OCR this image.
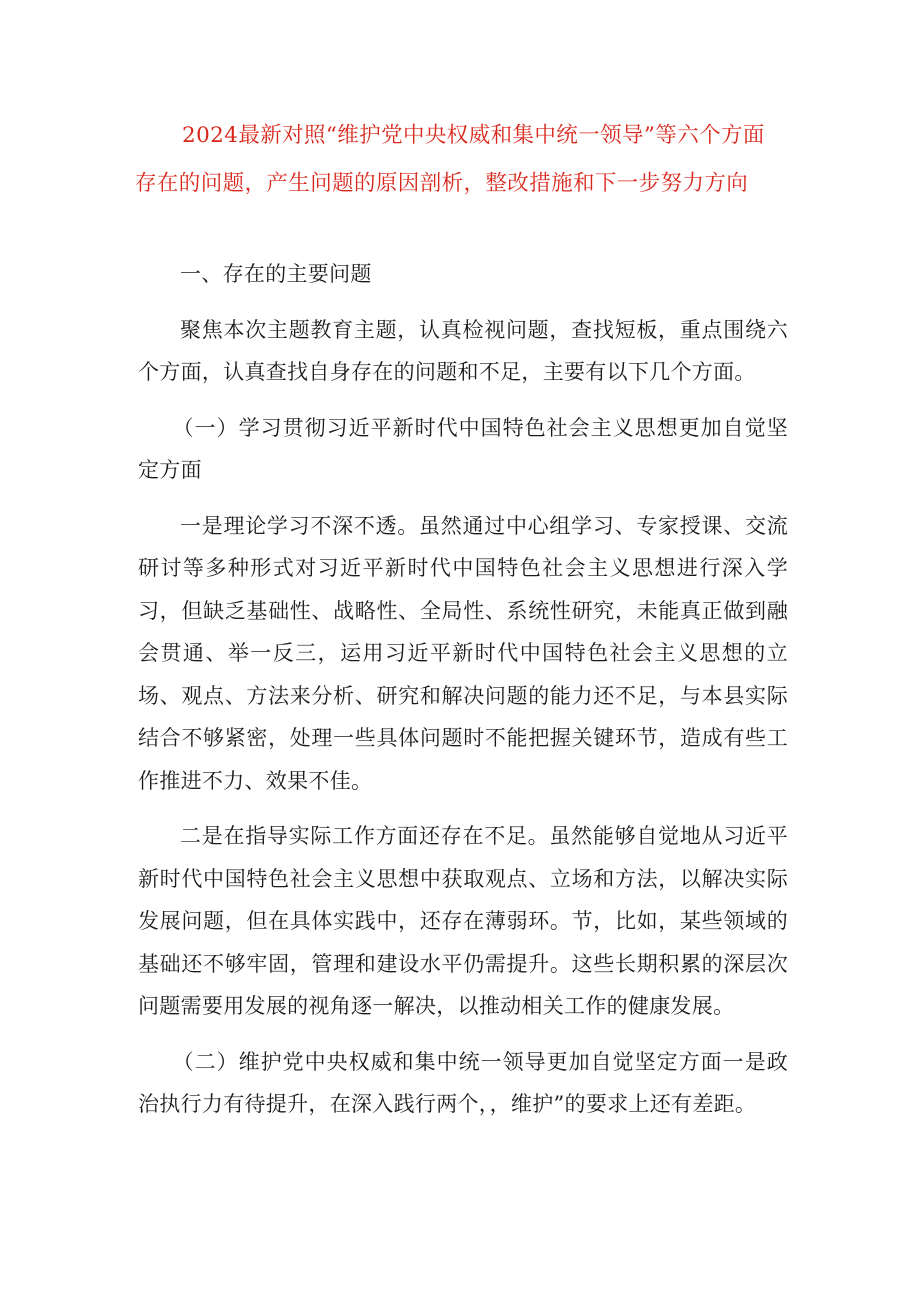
2024最新对照“维护党中央权威和集中统一领导”等六个方面
存在的问题，产生问题的原因剖析，整改措施和下一步努力方向

一、存在的主要问题

聚焦本次主题教育主题，认真检视问题，查找短板，重点围绕六个方面，认真查找自身存在的问题和不足，主要有以下几个方面。

（一）学习贯彻习近平新时代中国特色社会主义思想更加自觉坚定方面

一是理论学习不深不透。虽然通过中心组学习、专家授课、交流研讨等多种形式对习近平新时代中国特色社会主义思想进行深入学习，但缺乏基础性、战略性、全局性、系统性研究，未能真正做到融会贯通、举一反三，运用习近平新时代中国特色社会主义思想的立场、观点、方法来分析、研究和解决问题的能力还不足，与本县实际结合不够紧密，处理一些具体问题时不能把握关键环节，造成有些工作推进不力、效果不佳。

二是在指导实际工作方面还存在不足。虽然能够自觉地从习近平新时代中国特色社会主义思想中获取观点、立场和方法，以解决实际发展问题，但在具体实践中，还存在薄弱环。节，比如，某些领域的基础还不够牢固，管理和建设水平仍需提升。这些长期积累的深层次问题需要用发展的视角逐一解决，以推动相关工作的健康发展。

（二）维护党中央权威和集中统一领导更加自觉坚定方面一是政治执行力有待提升，在深入践行两个，，维护”的要求上还有差距。
